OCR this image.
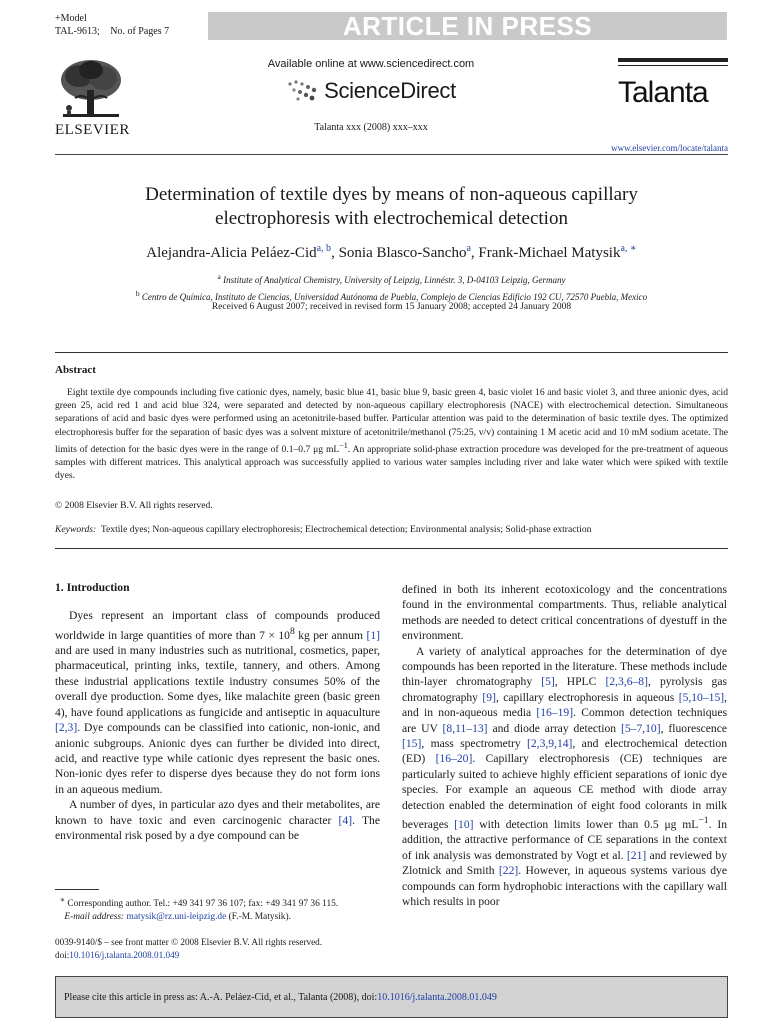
+Model
TAL-9613; No. of Pages 7	ARTICLE IN PRESS
ELSEVIER
Available online at www.sciencedirect.com
ScienceDirect
Talanta xxx (2008) xxx–xxx
Talanta
www.elsevier.com/locate/talanta
Determination of textile dyes by means of non-aqueous capillary
electrophoresis with electrochemical detection
Alejandra-Alicia Peláez-Cid$^{a, b}$, Sonia Blasco-Sancho$^a$, Frank-Michael Matysik$^{a, ∗}$
$^a$ Institute of Analytical Chemistry, University of Leipzig, Linnéstr. 3, D-04103 Leipzig, Germany
$^b$ Centro de Química, Instituto de Ciencias, Universidad Autónoma de Puebla, Complejo de Ciencias Edificio 192 CU, 72570 Puebla, Mexico
Received 6 August 2007; received in revised form 15 January 2008; accepted 24 January 2008
Abstract
Eight textile dye compounds including five cationic dyes, namely, basic blue 41, basic blue 9, basic green 4, basic violet 16 and basic violet 3, and three anionic dyes, acid green 25, acid red 1 and acid blue 324, were separated and detected by non-aqueous capillary electrophoresis (NACE) with electrochemical detection. Simultaneous separations of acid and basic dyes were performed using an acetonitrile-based buffer. Particular attention was paid to the determination of basic textile dyes. The optimized electrophoresis buffer for the separation of basic dyes was a solvent mixture of acetonitrile/methanol (75:25, v/v) containing 1 M acetic acid and 10 mM sodium acetate. The limits of detection for the basic dyes were in the range of 0.1–0.7 μg $mL^{-1}$. An appropriate solid-phase extraction procedure was developed for the pre-treatment of aqueous samples with different matrices. This analytical approach was successfully applied to various water samples including river and lake water which were spiked with textile dyes.
© 2008 Elsevier B.V. All rights reserved.
Keywords: Textile dyes; Non-aqueous capillary electrophoresis; Electrochemical detection; Environmental analysis; Solid-phase extraction
1. Introduction

Dyes represent an important class of compounds produced worldwide in large quantities of more than $7 \times 10^8$ kg per annum [1] and are used in many industries such as nutritional, cosmetics, paper, pharmaceutical, printing inks, textile, tannery, and others. Among these industrial applications textile industry consumes 50% of the overall dye production. Some dyes, like malachite green (basic green 4), have found applications as fungicide and antiseptic in aquaculture [2,3]. Dye compounds can be classified into cationic, non-ionic, and anionic subgroups. Anionic dyes can further be divided into direct, acid, and reactive type while cationic dyes represent the basic ones. Non-ionic dyes refer to disperse dyes because they do not form ions in an aqueous medium.

A number of dyes, in particular azo dyes and their metabolites, are known to have toxic and even carcinogenic character [4]. The environmental risk posed by a dye compound can be

defined in both its inherent ecotoxicology and the concentrations found in the environmental compartments. Thus, reliable analytical methods are needed to detect critical concentrations of dyestuff in the environment.

A variety of analytical approaches for the determination of dye compounds has been reported in the literature. These methods include thin-layer chromatography [5], HPLC [2,3,6–8], pyrolysis gas chromatography [9], capillary electrophoresis in aqueous [5,10–15], and in non-aqueous media [16–19]. Common detection techniques are UV [8,11–13] and diode array detection [5–7,10], fluorescence [15], mass spectrometry [2,3,9,14], and electrochemical detection (ED) [16–20]. Capillary electrophoresis (CE) techniques are particularly suited to achieve highly efficient separations of ionic dye species. For example an aqueous CE method with diode array detection enabled the determination of eight food colorants in milk beverages [10] with detection limits lower than 0.5 μg $mL^{-1}$. In addition, the attractive performance of CE separations in the context of ink analysis was demonstrated by Vogt et al. [21] and reviewed by Zlotnick and Smith [22]. However, in aqueous systems various dye compounds can form hydrophobic interactions with the capillary wall which results in poor

∗ Corresponding author. Tel.: +49 341 97 36 107; fax: +49 341 97 36 115.
E-mail address: matysik@rz.uni-leipzig.de (F.-M. Matysik).
0039-9140/$ – see front matter © 2008 Elsevier B.V. All rights reserved.
doi:10.1016/j.talanta.2008.01.049
Please cite this article in press as: A.-A. Peláez-Cid, et al., Talanta (2008), doi:10.1016/j.talanta.2008.01.049
